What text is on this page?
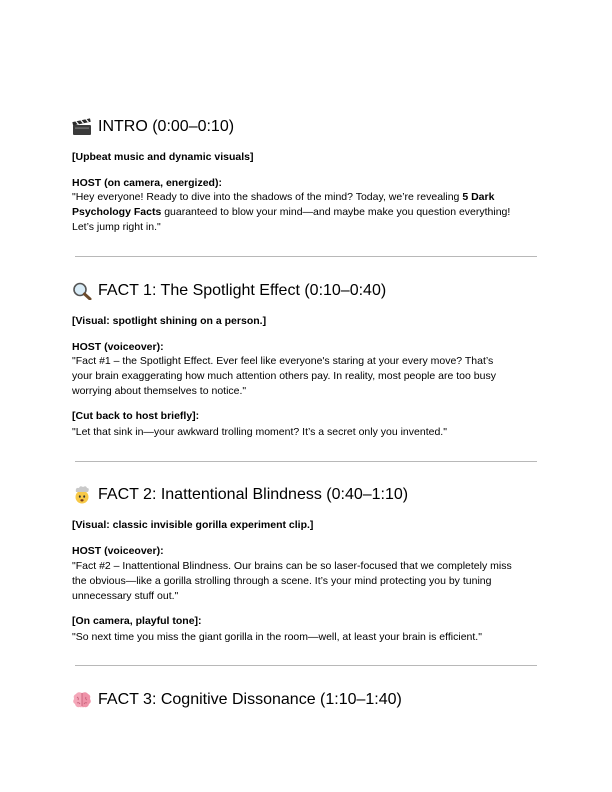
INTRO (0:00–0:10)
[Upbeat music and dynamic visuals]
HOST (on camera, energized):
"Hey everyone! Ready to dive into the shadows of the mind? Today, we’re revealing 5 Dark
Psychology Facts guaranteed to blow your mind—and maybe make you question everything!
Let’s jump right in."
FACT 1: The Spotlight Effect (0:10–0:40)
[Visual: spotlight shining on a person.]
HOST (voiceover):
"Fact #1 – the Spotlight Effect. Ever feel like everyone's staring at your every move? That’s
your brain exaggerating how much attention others pay. In reality, most people are too busy
worrying about themselves to notice."
[Cut back to host briefly]:
"Let that sink in—your awkward trolling moment? It’s a secret only you invented."
FACT 2: Inattentional Blindness (0:40–1:10)
[Visual: classic invisible gorilla experiment clip.]
HOST (voiceover):
"Fact #2 – Inattentional Blindness. Our brains can be so laser-focused that we completely miss
the obvious—like a gorilla strolling through a scene. It’s your mind protecting you by tuning
unnecessary stuff out."
[On camera, playful tone]:
"So next time you miss the giant gorilla in the room—well, at least your brain is efficient."
FACT 3: Cognitive Dissonance (1:10–1:40)
